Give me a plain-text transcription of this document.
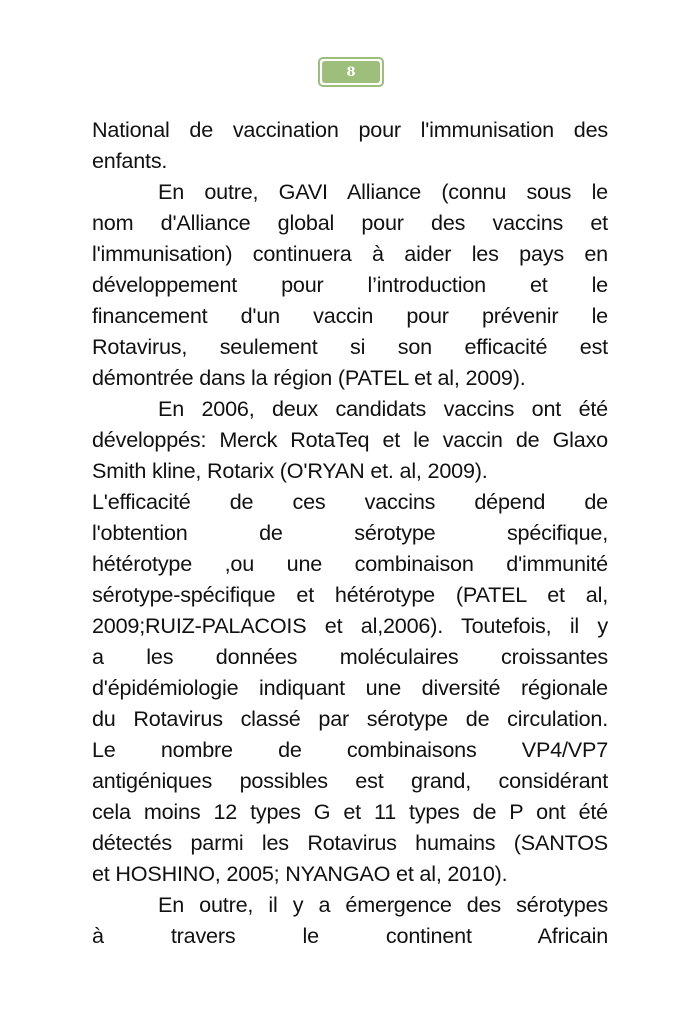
8
National de vaccination pour l'immunisation des
enfants.
En outre, GAVI Alliance (connu sous le
nom d'Alliance global pour des vaccins et
l'immunisation) continuera à aider les pays en
développement pour l’introduction et le
financement d'un vaccin pour prévenir le
Rotavirus, seulement si son efficacité est
démontrée dans la région (PATEL et al, 2009).
En 2006, deux candidats vaccins ont été
développés: Merck RotaTeq et le vaccin de Glaxo
Smith kline, Rotarix (O'RYAN et. al, 2009).
L'efficacité de ces vaccins dépend de
l'obtention de sérotype spécifique,
hétérotype ,ou une combinaison d'immunité
sérotype-spécifique et hétérotype (PATEL et al,
2009;RUIZ-PALACOIS et al,2006). Toutefois, il y
a les données moléculaires croissantes
d'épidémiologie indiquant une diversité régionale
du Rotavirus classé par sérotype de circulation.
Le nombre de combinaisons VP4/VP7
antigéniques possibles est grand, considérant
cela moins 12 types G et 11 types de P ont été
détectés parmi les Rotavirus humains (SANTOS
et HOSHINO, 2005; NYANGAO et al, 2010).
En outre, il y a émergence des sérotypes
à travers le continent Africain
